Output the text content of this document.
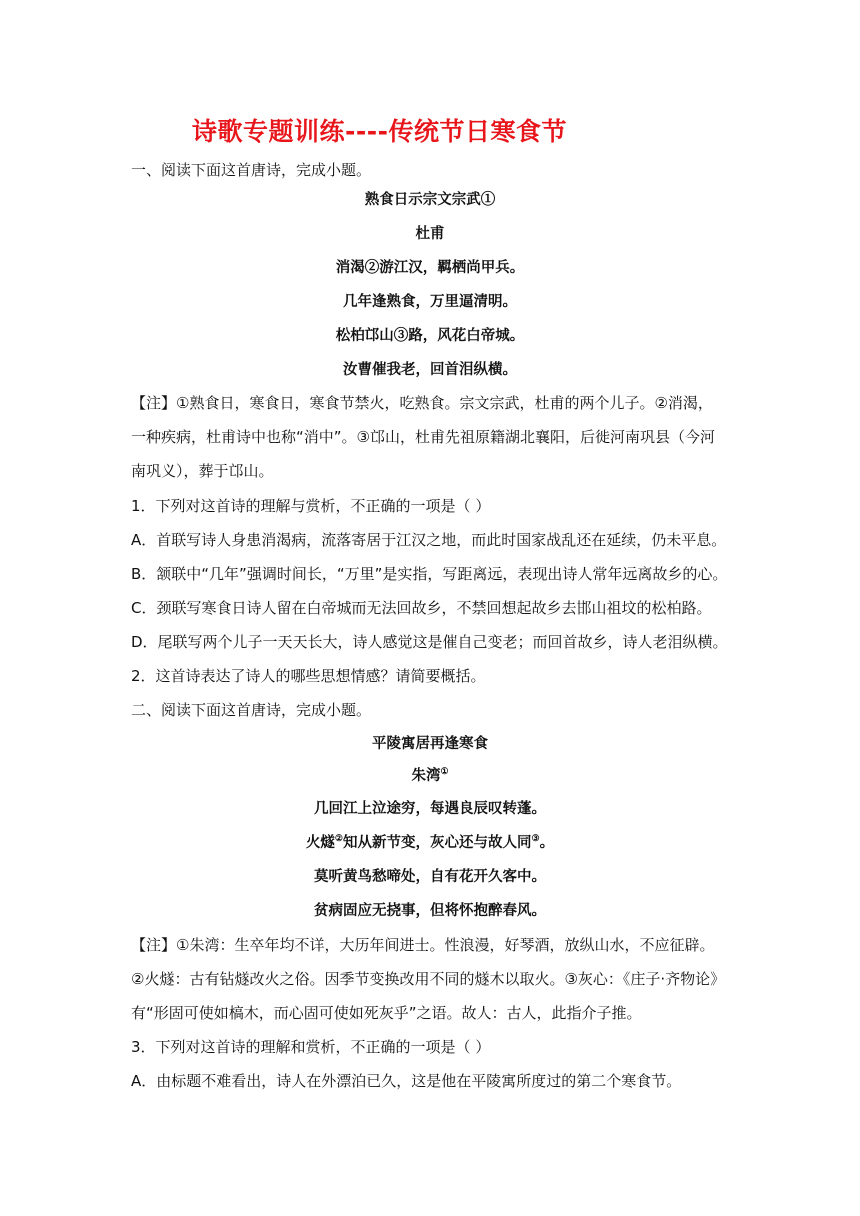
诗歌专题训练----传统节日寒食节
一、阅读下面这首唐诗，完成小题。
熟食日示宗文宗武①
杜甫
消渴②游江汉，羁栖尚甲兵。
几年逢熟食，万里逼清明。
松柏邙山③路，风花白帝城。
汝曹催我老，回首泪纵横。
【注】①熟食日，寒食日，寒食节禁火，吃熟食。宗文宗武，杜甫的两个儿子。②消渴，
一种疾病，杜甫诗中也称“消中”。③邙山，杜甫先祖原籍湖北襄阳，后徙河南巩县（今河
南巩义），葬于邙山。
1．下列对这首诗的理解与赏析，不正确的一项是（ ）
A．首联写诗人身患消渴病，流落寄居于江汉之地，而此时国家战乱还在延续，仍未平息。
B．颔联中“几年”强调时间长，“万里”是实指，写距离远，表现出诗人常年远离故乡的心。
C．颈联写寒食日诗人留在白帝城而无法回故乡，不禁回想起故乡去邯山祖坟的松柏路。
D．尾联写两个儿子一天天长大，诗人感觉这是催自己变老；而回首故乡，诗人老泪纵横。
2．这首诗表达了诗人的哪些思想情感？请简要概括。
二、阅读下面这首唐诗，完成小题。
平陵寓居再逢寒食
朱湾①
几回江上泣途穷，每遇良辰叹转蓬。
火燧②知从新节变，灰心还与故人同③。
莫听黄鸟愁啼处，自有花开久客中。
贫病固应无挠事，但将怀抱醉春风。
【注】①朱湾：生卒年均不详，大历年间进士。性浪漫，好琴酒，放纵山水，不应征辟。
②火燧：古有钻燧改火之俗。因季节变换改用不同的燧木以取火。③灰心：《庄子·齐物论》
有“形固可使如槁木，而心固可使如死灰乎”之语。故人：古人，此指介子推。
3．下列对这首诗的理解和赏析，不正确的一项是（ ）
A．由标题不难看出，诗人在外漂泊已久，这是他在平陵寓所度过的第二个寒食节。
